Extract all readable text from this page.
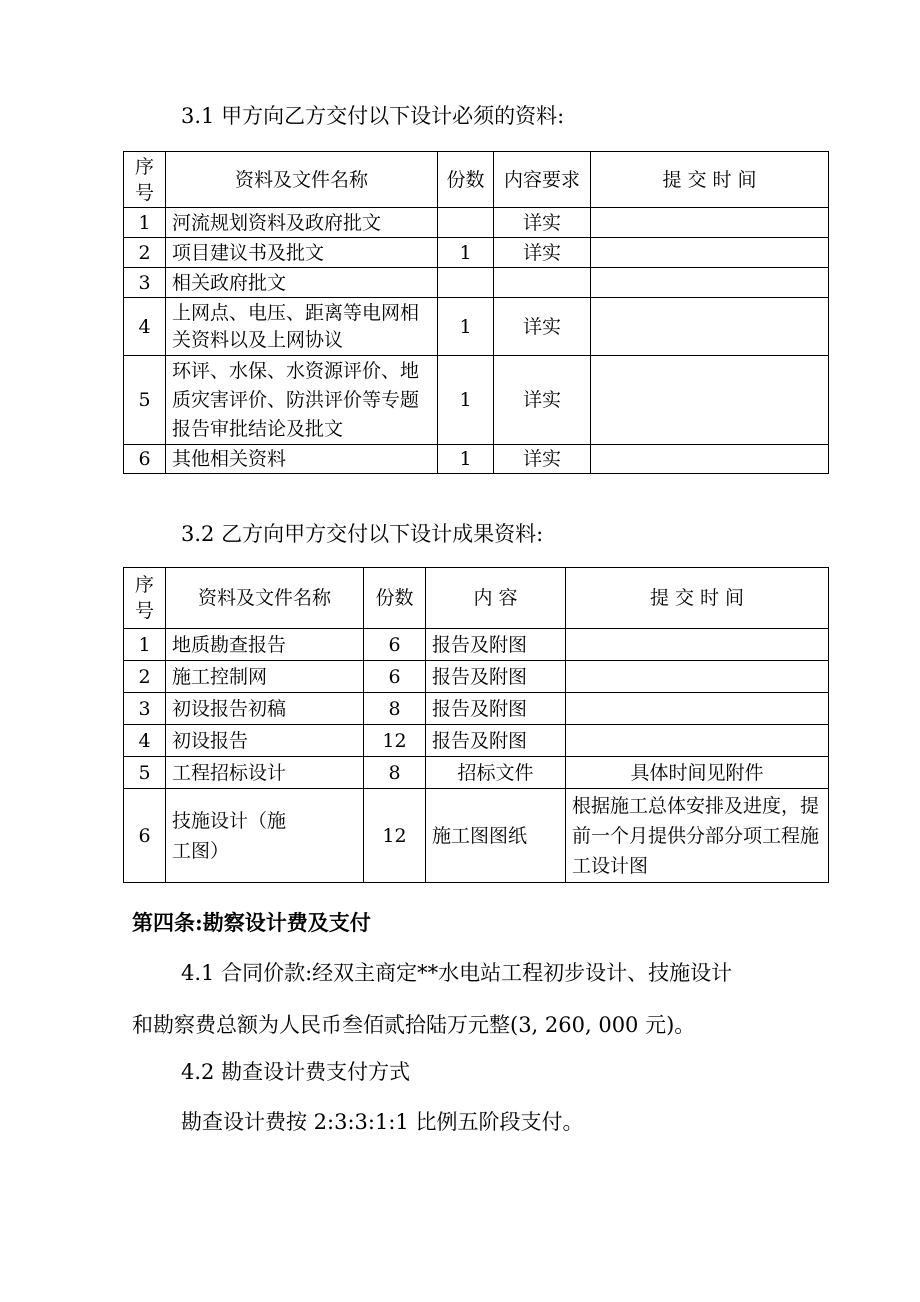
3.1 甲方向乙方交付以下设计必须的资料:
序号	资料及文件名称	份数	内容要求	提 交 时 间
1	河流规划资料及政府批文		详实	
2	项目建议书及批文	1	详实	
3	相关政府批文			
4	上网点、电压、距离等电网相关资料以及上网协议	1	详实	
5	环评、水保、水资源评价、地质灾害评价、防洪评价等专题报告审批结论及批文	1	详实	
6	其他相关资料	1	详实	
3.2 乙方向甲方交付以下设计成果资料:
序号	资料及文件名称	份数	内 容	提 交 时 间
1	地质勘查报告	6	报告及附图	
2	施工控制网	6	报告及附图	
3	初设报告初稿	8	报告及附图	
4	初设报告	12	报告及附图	
5	工程招标设计	8	招标文件	具体时间见附件
6	技施设计（施工图）	12	施工图图纸	根据施工总体安排及进度，提前一个月提供分部分项工程施工设计图
第四条:勘察设计费及支付
4.1 合同价款:经双主商定**水电站工程初步设计、技施设计
和勘察费总额为人民币叁佰贰拾陆万元整(3, 260, 000 元)。
4.2 勘查设计费支付方式
勘查设计费按 2:3:3:1:1 比例五阶段支付。
